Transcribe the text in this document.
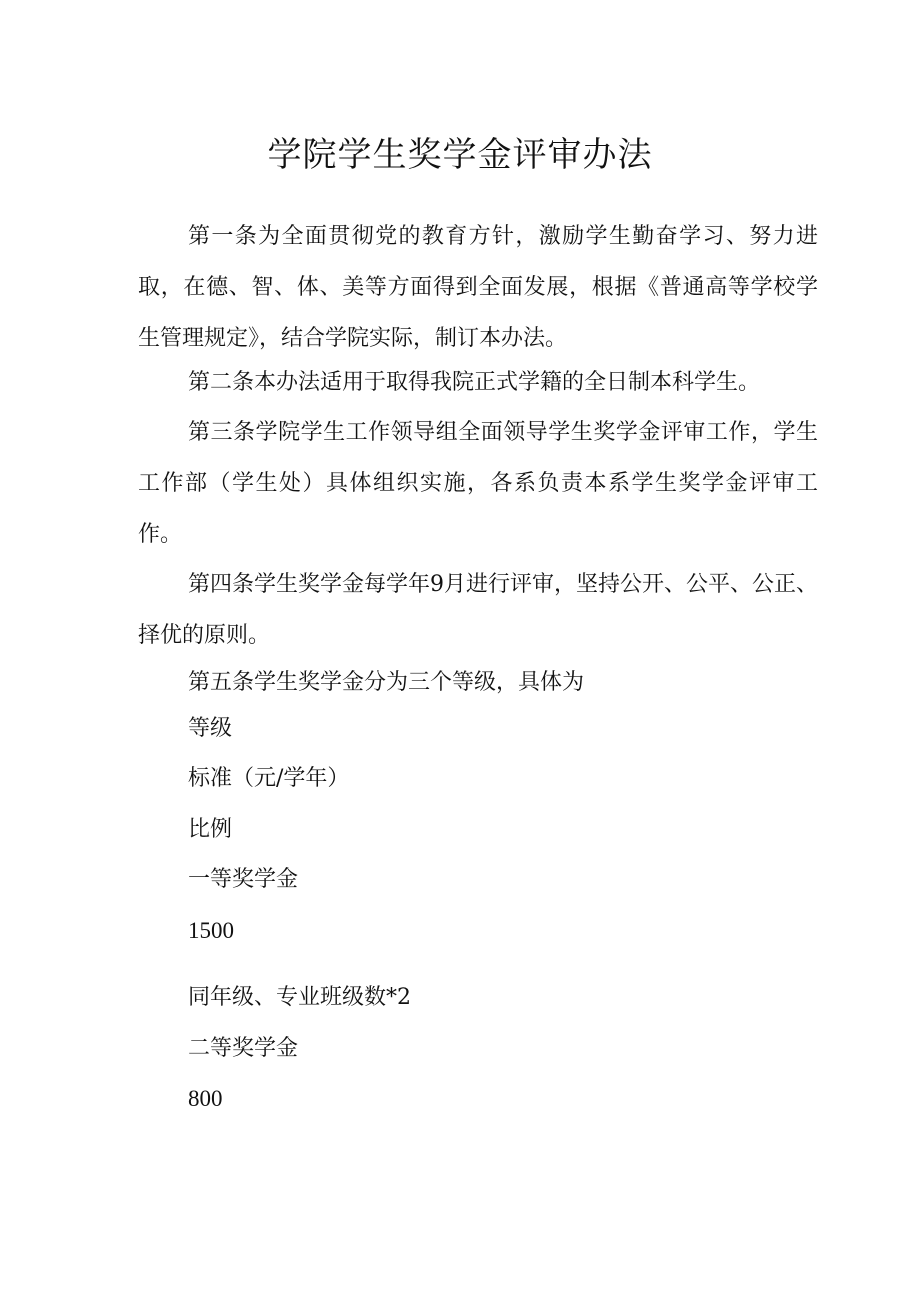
学院学生奖学金评审办法

第一条为全面贯彻党的教育方针，激励学生勤奋学习、努力进取，在德、智、体、美等方面得到全面发展，根据《普通高等学校学生管理规定》，结合学院实际，制订本办法。

第二条本办法适用于取得我院正式学籍的全日制本科学生。

第三条学院学生工作领导组全面领导学生奖学金评审工作，学生工作部（学生处）具体组织实施，各系负责本系学生奖学金评审工作。

第四条学生奖学金每学年9月进行评审，坚持公开、公平、公正、择优的原则。

第五条学生奖学金分为三个等级，具体为

等级

标准（元/学年）

比例

一等奖学金

1500

同年级、专业班级数*2

二等奖学金

800
